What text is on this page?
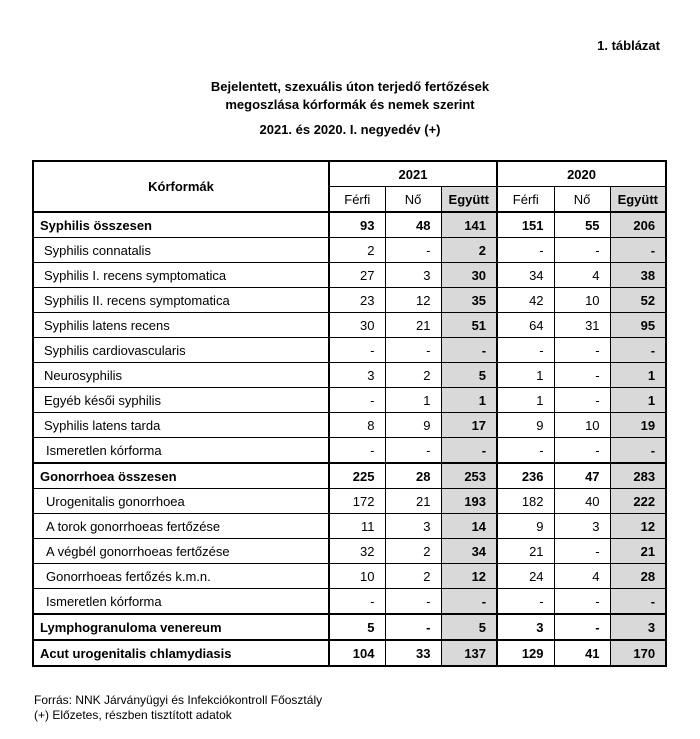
1. táblázat
Bejelentett, szexuális úton terjedő fertőzések
megoszlása kórformák és nemek szerint
2021. és 2020. I. negyedév (+)
Kórformák	2021			2020		
	Férfi	Nő	Együtt	Férfi	Nő	Együtt
Syphilis összesen	93	48	141	151	55	206
Syphilis connatalis	2	-	2	-	-	-
Syphilis I. recens symptomatica	27	3	30	34	4	38
Syphilis II. recens symptomatica	23	12	35	42	10	52
Syphilis latens recens	30	21	51	64	31	95
Syphilis cardiovascularis	-	-	-	-	-	-
Neurosyphilis	3	2	5	1	-	1
Egyéb késői syphilis	-	1	1	1	-	1
Syphilis latens tarda	8	9	17	9	10	19
Ismeretlen kórforma	-	-	-	-	-	-
Gonorrhoea összesen	225	28	253	236	47	283
Urogenitalis gonorrhoea	172	21	193	182	40	222
A torok gonorrhoeas fertőzése	11	3	14	9	3	12
A végbél gonorrhoeas fertőzése	32	2	34	21	-	21
Gonorrhoeas fertőzés k.m.n.	10	2	12	24	4	28
Ismeretlen kórforma	-	-	-	-	-	-
Lymphogranuloma venereum	5	-	5	3	-	3
Acut urogenitalis chlamydiasis	104	33	137	129	41	170
Forrás: NNK Járványügyi és Infekciókontroll Főosztály
(+) Előzetes, részben tisztított adatok
